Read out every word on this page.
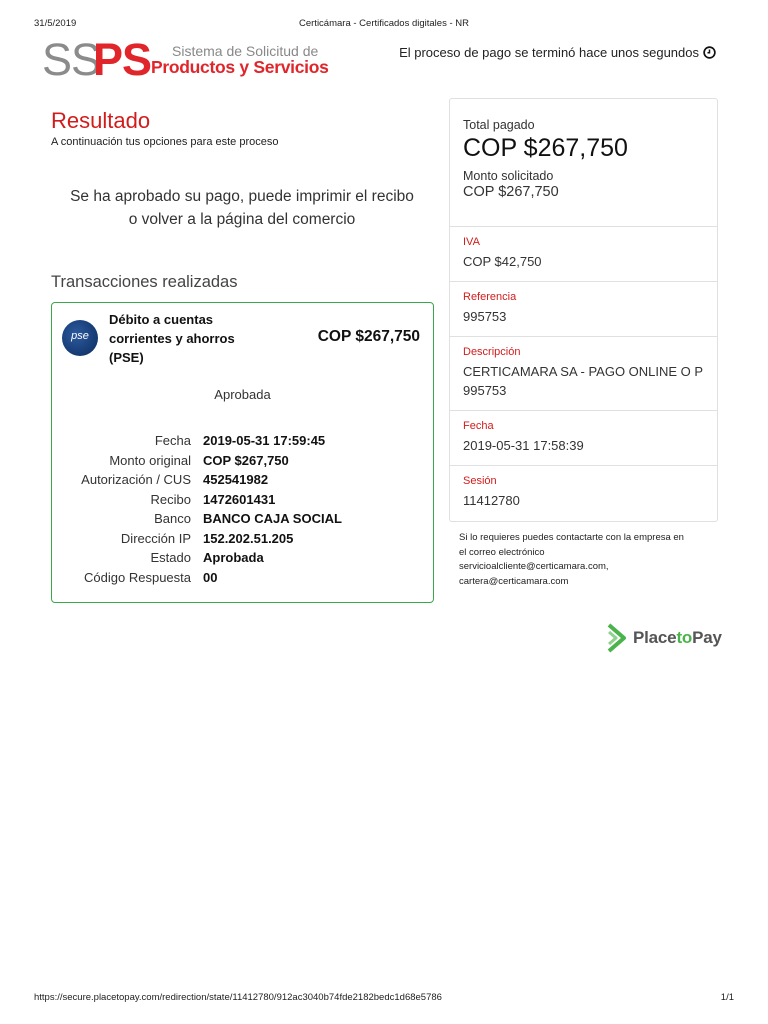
31/5/2019	Certicámara - Certificados digitales - NR
SS
PS Sistema de Solicitud de
Productos y Servicios
El proceso de pago se terminó hace unos segundos
Resultado
A continuación tus opciones para este proceso
Se ha aprobado su pago, puede imprimir el recibo
o volver a la página del comercio
Transacciones realizadas
pse
Débito a cuentas
corrientes y ahorros
(PSE)
COP $267,750
Aprobada
Fecha 2019-05-31 17:59:45
Monto original COP $267,750
Autorización / CUS 452541982
Recibo 1472601431
Banco BANCO CAJA SOCIAL
Dirección IP 152.202.51.205
Estado Aprobada
Código Respuesta 00
Total pagado
COP $267,750
Monto solicitado
COP $267,750
IVA
COP $42,750
Referencia
995753
Descripción
CERTICAMARA SA - PAGO ONLINE O P 995753
Fecha
2019-05-31 17:58:39
Sesión
11412780
Si lo requieres puedes contactarte con la empresa en
el correo electrónico
servicioalcliente@certicamara.com,
cartera@certicamara.com
PlacetoPay
https://secure.placetopay.com/redirection/state/11412780/912ac3040b74fde2182bedc1d68e5786	1/1
